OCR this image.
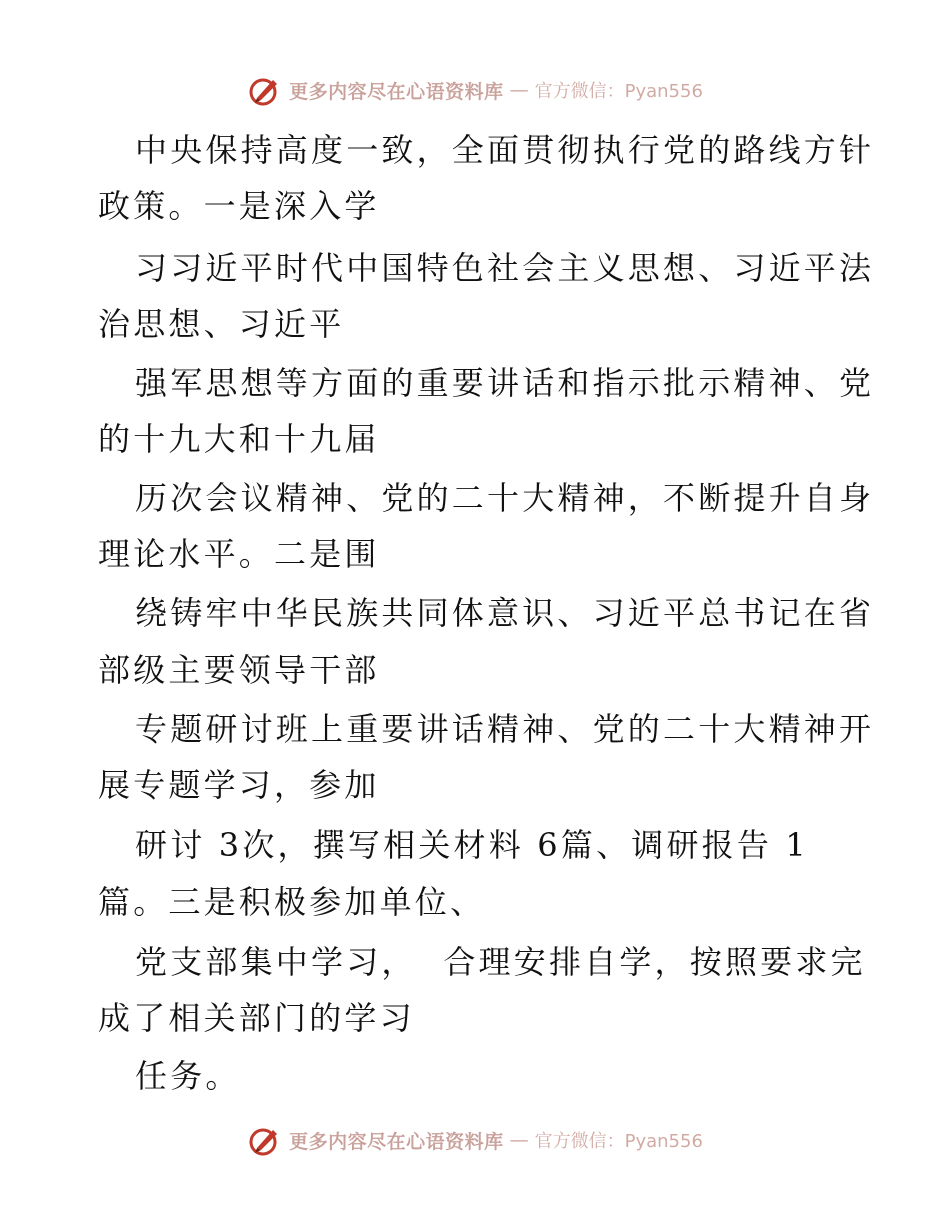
更多内容尽在心语资料库 — 官方微信：Pyan556
中央保持高度一致，全面贯彻执行党的路线方针
政策。一是深入学
习习近平时代中国特色社会主义思想、习近平法
治思想、习近平
强军思想等方面的重要讲话和指示批示精神、党
的十九大和十九届
历次会议精神、党的二十大精神，不断提升自身
理论水平。二是围
绕铸牢中华民族共同体意识、习近平总书记在省
部级主要领导干部
专题研讨班上重要讲话精神、党的二十大精神开
展专题学习，参加
研讨 3次，撰写相关材料 6篇、调研报告 1
篇。三是积极参加单位、
党支部集中学习，  合理安排自学，按照要求完
成了相关部门的学习
任务。
更多内容尽在心语资料库 — 官方微信：Pyan556
